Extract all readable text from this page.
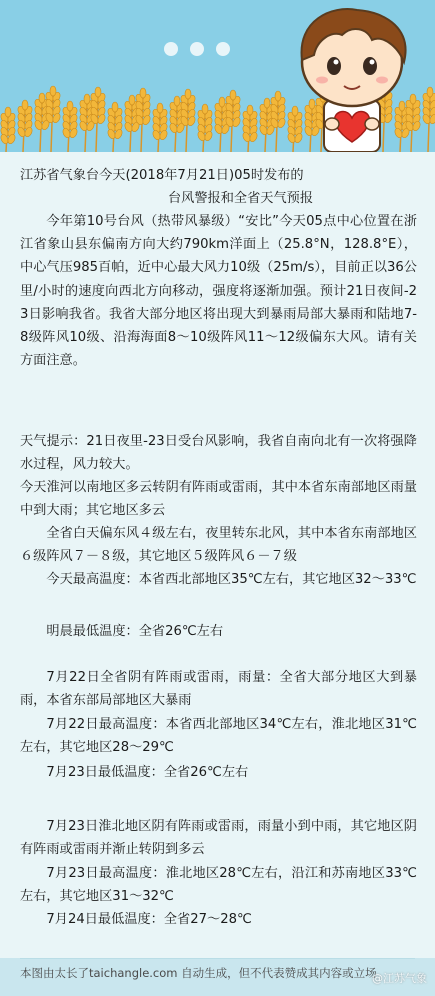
江苏省气象台今天(2018年7月21日)05时发布的
台风警报和全省天气预报
今年第10号台风（热带风暴级）“安比”今天05点中心位置在浙江省象山县东偏南方向大约790km洋面上（25.8°N，128.8°E），中心气压985百帕，近中心最大风力10级（25m/s），目前正以36公里/小时的速度向西北方向移动，强度将逐渐加强。预计21日夜间-23日影响我省。我省大部分地区将出现大到暴雨局部大暴雨和陆地7-8级阵风10级、沿海海面8～10级阵风11～12级偏东大风。请有关方面注意。
天气提示：21日夜里-23日受台风影响，我省自南向北有一次将强降水过程，风力较大。
今天淮河以南地区多云转阴有阵雨或雷雨，其中本省东南部地区雨量中到大雨；其它地区多云
全省白天偏东风４级左右，夜里转东北风，其中本省东南部地区６级阵风７－８级，其它地区５级阵风６－７级
今天最高温度：本省西北部地区35℃左右，其它地区32～33℃
明晨最低温度：全省26℃左右
7月22日全省阴有阵雨或雷雨，雨量：全省大部分地区大到暴雨，本省东部局部地区大暴雨
7月22日最高温度：本省西北部地区34℃左右，淮北地区31℃左右，其它地区28～29℃
7月23日最低温度：全省26℃左右
7月23日淮北地区阴有阵雨或雷雨，雨量小到中雨，其它地区阴有阵雨或雷雨并渐止转阴到多云
7月23日最高温度：淮北地区28℃左右，沿江和苏南地区33℃左右，其它地区31～32℃
7月24日最低温度：全省27～28℃
本图由太长了taichangle.com 自动生成，但不代表赞成其内容或立场
@江苏气象
